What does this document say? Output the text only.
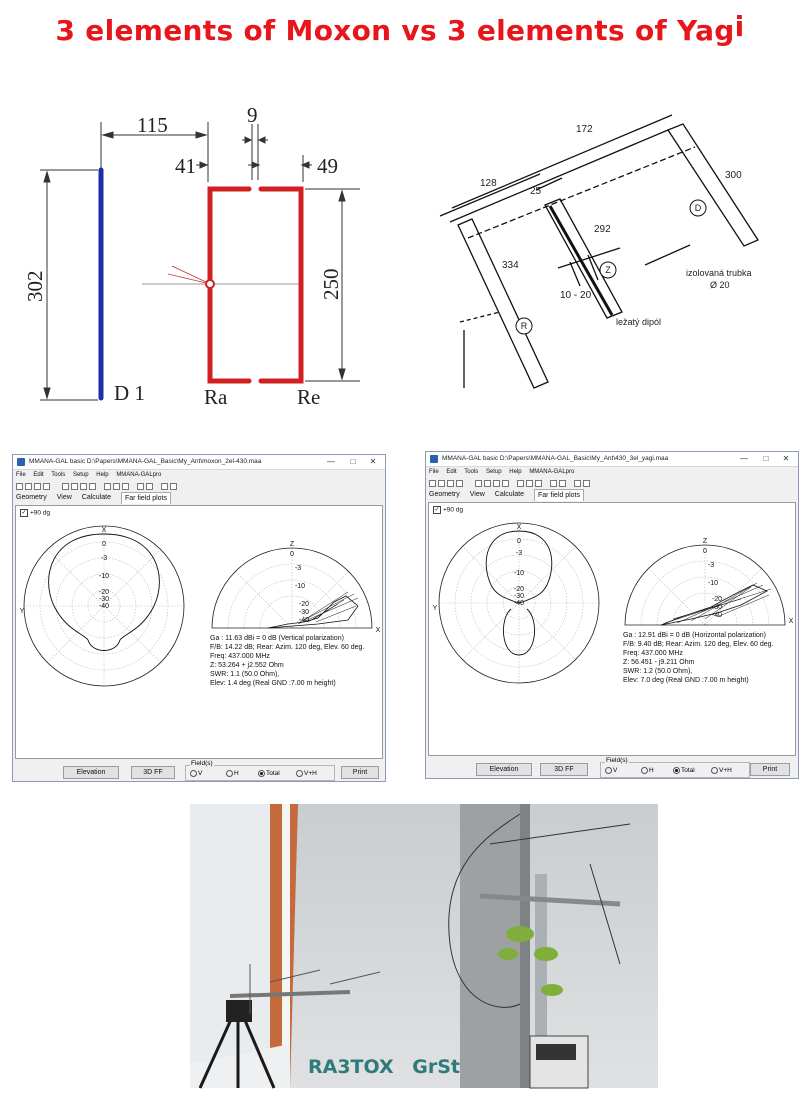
3 elements of Moxon vs 3 elements of Yagi
115	9
41	49
302	250
D 1	Ra	Re
172
128
25
292
334
300
10 - 20
izolovaná trubka
Ø 20
ležatý dipól
R
Z
D
MMANA-GAL basic D:\Papers\MMANA-GAL_Basic\My_Ant\moxon_2el-430.maa	—	□	✕
File Edit Tools Setup Help MMANA-GALpro
Geometry View Calculate	Far field plots
✓ +90 dg
X
0
-3
-10
-20
-30
-40
Y
Z
0
-3
-10
-20
-30
-40
X
Ga : 11.63 dBi = 0 dB (Vertical polarization)
F/B: 14.22 dB; Rear: Azim. 120 deg, Elev. 60 deg.
Freq: 437.000 MHz
Z: 53.264 + j2.552 Ohm
SWR: 1.1 (50.0 Ohm),
Elev: 1.4 deg (Real GND :7.00 m height)
Elevation	3D FF
Field(s)
V	H	Total	V+H	Print
MMANA-GAL basic D:\Papers\MMANA-GAL_Basic\My_Ant\430_3el_yagi.maa	—	□	✕
File Edit Tools Setup Help MMANA-GALpro
Geometry View Calculate	Far field plots
✓ +90 dg
X
0
-3
-10
-20
-30
-40
Y
Z
0
-3
-10
-20
-30
-40
X
Ga : 12.91 dBi = 0 dB (Horizontal polarization)
F/B: 9.40 dB; Rear: Azim. 120 deg, Elev. 60 deg.
Freq: 437.000 MHz
Z: 56.451 - j9.211 Ohm
SWR: 1.2 (50.0 Ohm),
Elev: 7.0 deg (Real GND :7.00 m height)
Elevation	3D FF
Field(s)
V	H	Total	V+H	Print
RA3TOX GrSt
